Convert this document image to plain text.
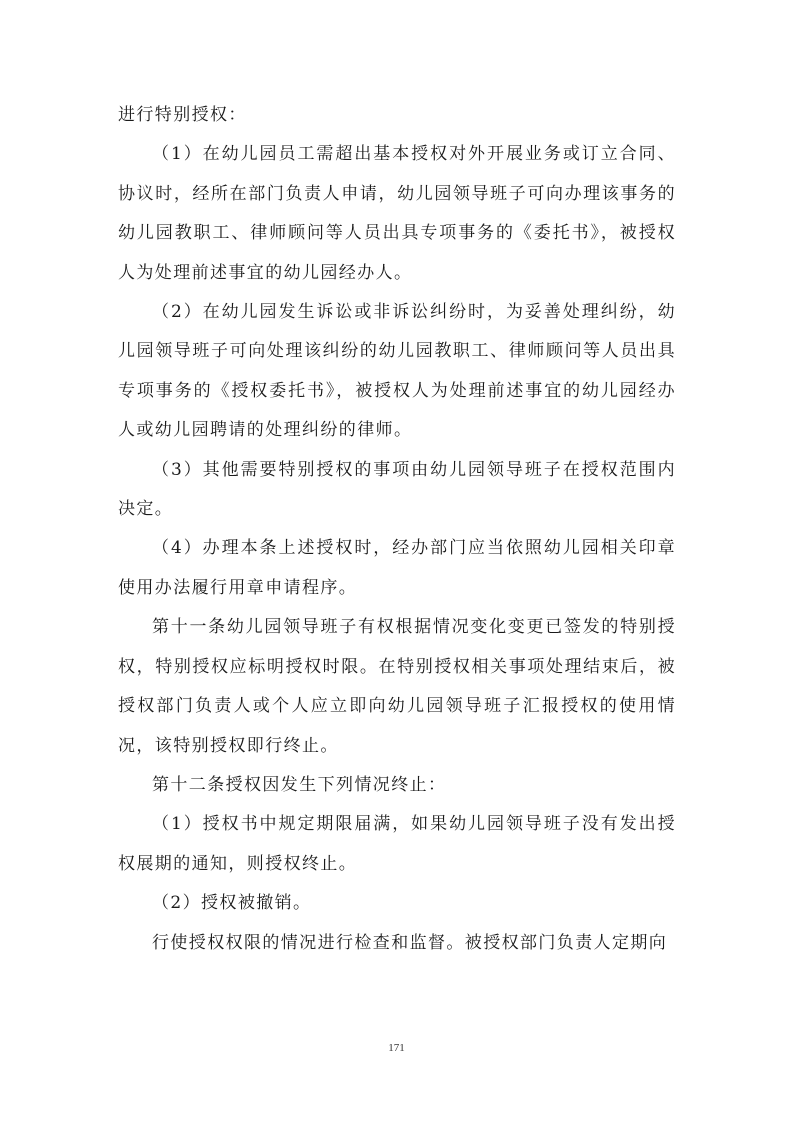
进行特别授权：

（1）在幼儿园员工需超出基本授权对外开展业务或订立合同、协议时，经所在部门负责人申请，幼儿园领导班子可向办理该事务的幼儿园教职工、律师顾问等人员出具专项事务的《委托书》，被授权人为处理前述事宜的幼儿园经办人。

（2）在幼儿园发生诉讼或非诉讼纠纷时，为妥善处理纠纷，幼儿园领导班子可向处理该纠纷的幼儿园教职工、律师顾问等人员出具专项事务的《授权委托书》，被授权人为处理前述事宜的幼儿园经办人或幼儿园聘请的处理纠纷的律师。

（3）其他需要特别授权的事项由幼儿园领导班子在授权范围内决定。

（4）办理本条上述授权时，经办部门应当依照幼儿园相关印章使用办法履行用章申请程序。

第十一条幼儿园领导班子有权根据情况变化变更已签发的特别授权，特别授权应标明授权时限。在特别授权相关事项处理结束后，被授权部门负责人或个人应立即向幼儿园领导班子汇报授权的使用情况，该特别授权即行终止。

第十二条授权因发生下列情况终止：

（1）授权书中规定期限届满，如果幼儿园领导班子没有发出授权展期的通知，则授权终止。

（2）授权被撤销。

行使授权权限的情况进行检查和监督。被授权部门负责人定期向

171
